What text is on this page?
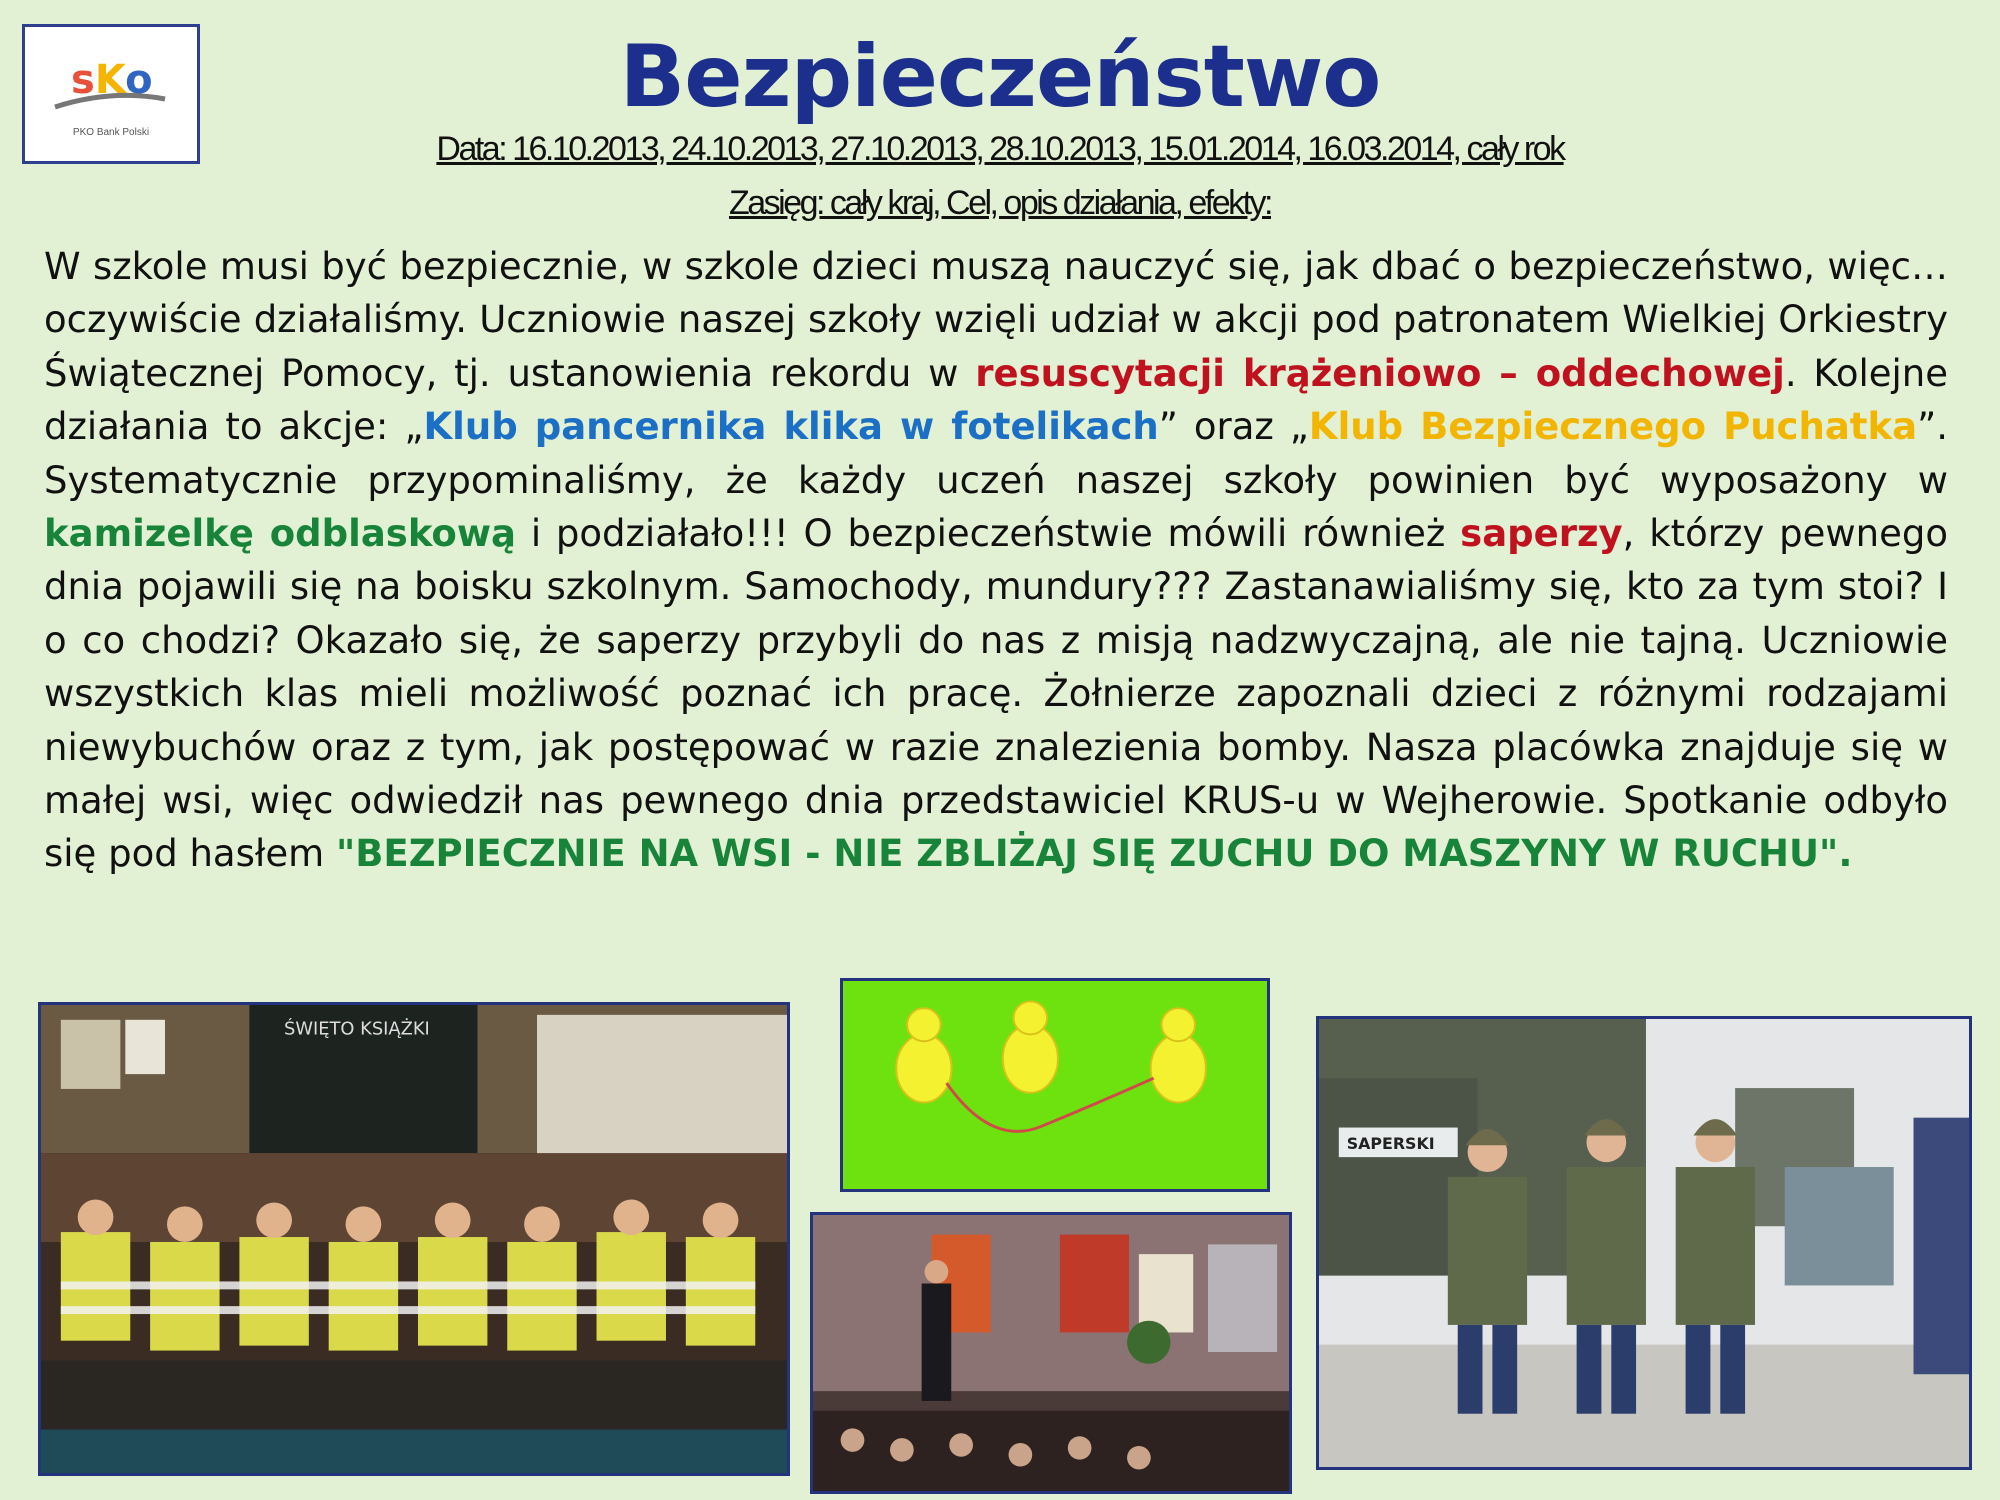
sKo
PKO Bank Polski
Bezpieczeństwo
Data: 16.10.2013, 24.10.2013, 27.10.2013, 28.10.2013, 15.01.2014, 16.03.2014, cały rok
Zasięg: cały kraj, Cel, opis działania, efekty:
W szkole musi być bezpiecznie, w szkole dzieci muszą nauczyć się, jak dbać o bezpieczeństwo, więc…oczywiście działaliśmy. Uczniowie naszej szkoły wzięli udział w akcji pod patronatem Wielkiej Orkiestry Świątecznej Pomocy, tj. ustanowienia rekordu w resuscytacji krążeniowo – oddechowej. Kolejne działania to akcje: „Klub pancernika klika w fotelikach” oraz „Klub Bezpiecznego Puchatka”. Systematycznie przypominaliśmy, że każdy uczeń naszej szkoły powinien być wyposażony w kamizelkę odblaskową i podziałało!!! O bezpieczeństwie mówili również saperzy, którzy pewnego dnia pojawili się na boisku szkolnym. Samochody, mundury??? Zastanawialiśmy się, kto za tym stoi? I o co chodzi? Okazało się, że saperzy przybyli do nas z misją nadzwyczajną, ale nie tajną. Uczniowie wszystkich klas mieli możliwość poznać ich pracę. Żołnierze zapoznali dzieci z różnymi rodzajami niewybuchów oraz z tym, jak postępować w razie znalezienia bomby. Nasza placówka znajduje się w małej wsi, więc odwiedził nas pewnego dnia przedstawiciel KRUS-u w Wejherowie. Spotkanie odbyło się pod hasłem "BEZPIECZNIE NA WSI - NIE ZBLIŻAJ SIĘ ZUCHU DO MASZYNY W RUCHU".
ŚWIĘTO KSIĄŻKI
SAPERSKI
